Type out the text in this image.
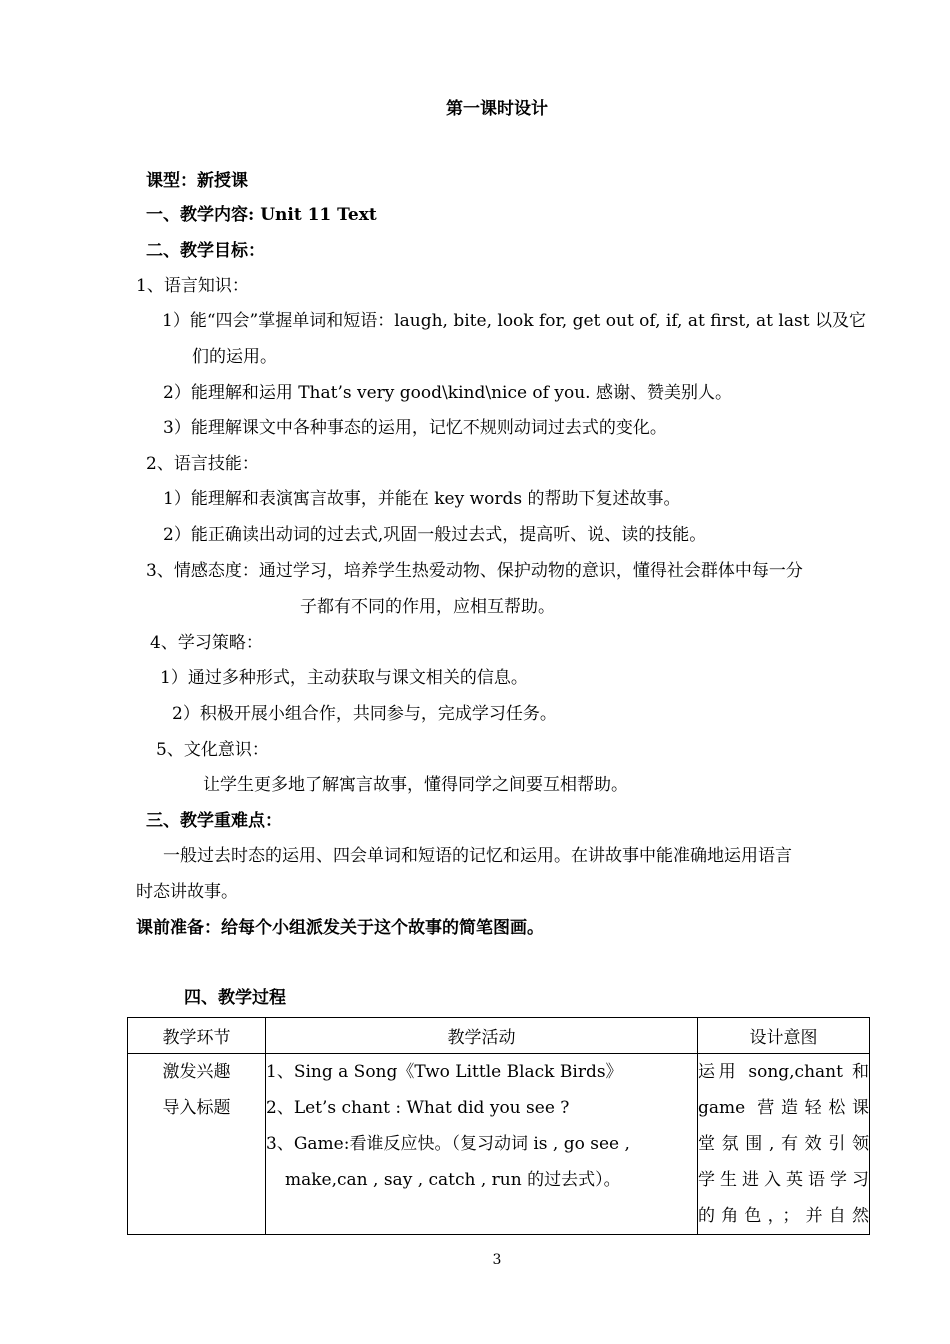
第一课时设计
课型：新授课
一、教学内容: Unit 11 Text
二、教学目标：
1、语言知识：
1）能“四会”掌握单词和短语：laugh, bite, look for, get out of, if, at first, at last 以及它
们的运用。
2）能理解和运用 That’s very good\kind\nice of you. 感谢、赞美别人。
3）能理解课文中各种事态的运用，记忆不规则动词过去式的变化。
2、语言技能：
1）能理解和表演寓言故事，并能在 key words 的帮助下复述故事。
2）能正确读出动词的过去式,巩固一般过去式，提高听、说、读的技能。
3、情感态度：通过学习，培养学生热爱动物、保护动物的意识，懂得社会群体中每一分
子都有不同的作用，应相互帮助。
4、学习策略：
1）通过多种形式，主动获取与课文相关的信息。
2）积极开展小组合作，共同参与，完成学习任务。
5、文化意识：
让学生更多地了解寓言故事，懂得同学之间要互相帮助。
三、教学重难点：
一般过去时态的运用、四会单词和短语的记忆和运用。在讲故事中能准确地运用语言
时态讲故事。
课前准备：给每个小组派发关于这个故事的简笔图画。
四、教学过程
教学环节	教学活动	设计意图

激发兴趣
导入标题	1、Sing a Song《Two Little Black Birds》
2、Let’s chant : What did you see ?
3、Game:看谁反应快。（复习动词 is , go see ,
make,can , say , catch , run 的过去式）。	运用 song,chant 和
game 营造轻松课
堂氛围,有效引领
学生进入英语学习
的角色，；并自然
3
